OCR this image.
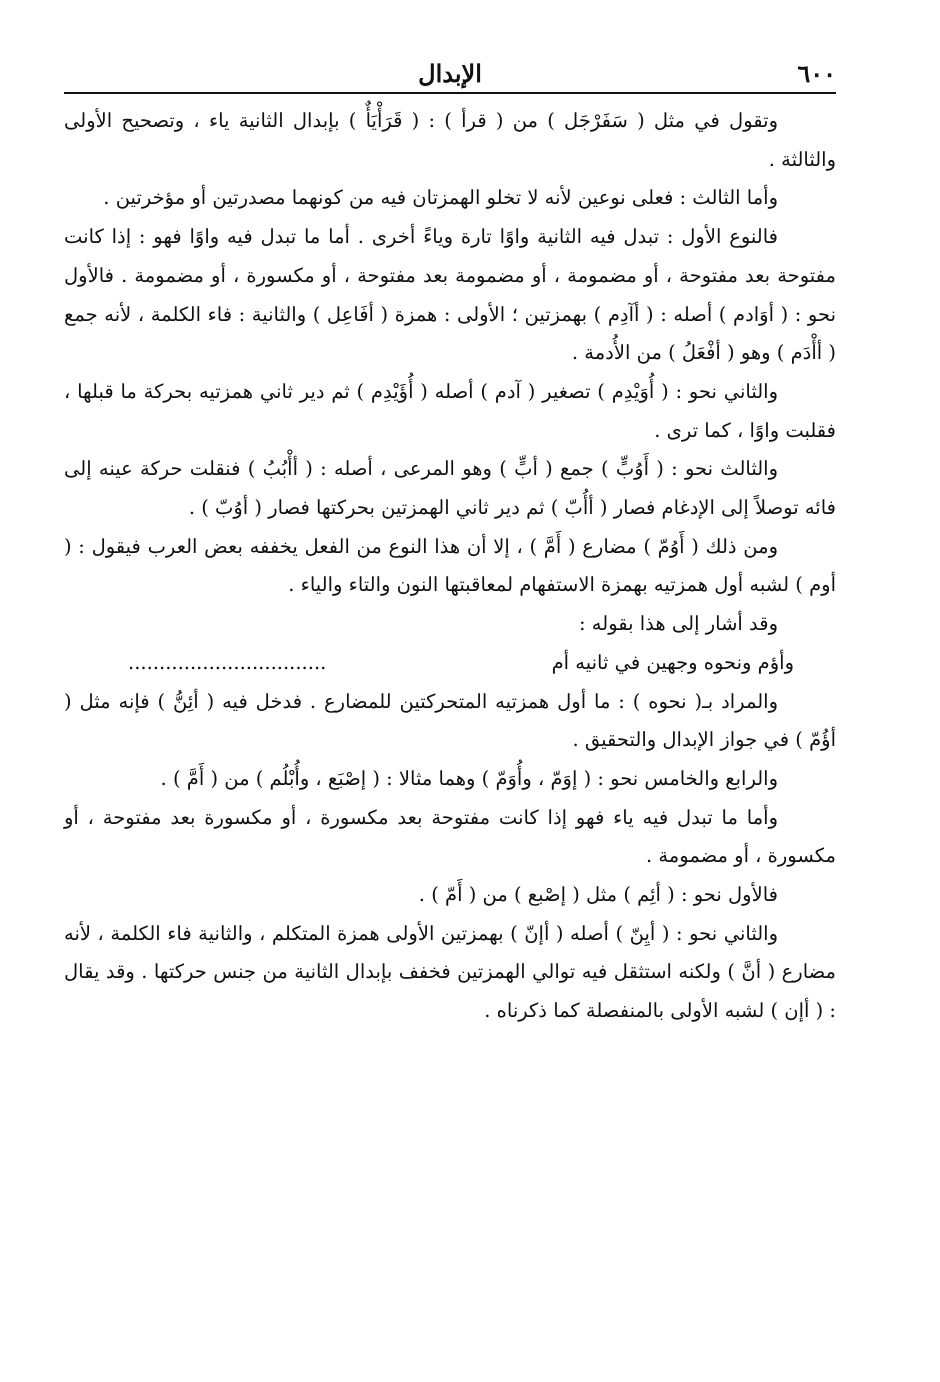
٦٠٠
الإبدال

وتقول في مثل ( سَفَرْجَل ) من ( قرأ ) : ( قَرَأْيَأٌ ) بإبدال الثانية ياء ، وتصحيح الأولى والثالثة .

وأما الثالث : فعلى نوعين لأنه لا تخلو الهمزتان فيه من كونهما مصدرتين أو مؤخرتين .

فالنوع الأول : تبدل فيه الثانية واوًا تارة وياءً أخرى . أما ما تبدل فيه واوًا فهو : إذا كانت مفتوحة بعد مفتوحة ، أو مضمومة ، أو مضمومة بعد مفتوحة ، أو مكسورة ، أو مضمومة . فالأول نحو : ( أوَادم ) أصله : ( أآدِم ) بهمزتين ؛ الأولى : همزة ( أفَاعِل ) والثانية : فاء الكلمة ، لأنه جمع ( أأْدَم ) وهو ( أفْعَلُ ) من الأُدمة .

والثاني نحو : ( أُوَيْدِم ) تصغير ( آدم ) أصله ( أُؤَيْدِم ) ثم دير ثاني همزتيه بحركة ما قبلها ، فقلبت واوًا ، كما ترى .

والثالث نحو : ( أَوُبٍّ ) جمع ( أبٍّ ) وهو المرعى ، أصله : ( أأْبُبُ ) فنقلت حركة عينه إلى فائه توصلاً إلى الإدغام فصار ( أأُبّ ) ثم دير ثاني الهمزتين بحركتها فصار ( أوُبّ ) .

ومن ذلك ( أَوُمّ ) مضارع ( أَمَّ ) ، إلا أن هذا النوع من الفعل يخففه بعض العرب فيقول : ( أوم ) لشبه أول همزتيه بهمزة الاستفهام لمعاقبتها النون والتاء والياء .

وقد أشار إلى هذا بقوله :

وأؤم ونحوه وجهين في ثانيه أم
................................

والمراد بـ( نحوه ) : ما أول همزتيه المتحركتين للمضارع . فدخل فيه ( أئِنُّ ) فإنه مثل ( أؤُمّ ) في جواز الإبدال والتحقيق .

والرابع والخامس نحو : ( إوَمّ ، وأُوَمّ ) وهما مثالا : ( إصْبَع ، وأُبْلُم ) من ( أَمَّ ) .

وأما ما تبدل فيه ياء فهو إذا كانت مفتوحة بعد مكسورة ، أو مكسورة بعد مفتوحة ، أو مكسورة ، أو مضمومة .

فالأول نحو : ( أئِم ) مثل ( إصْبع ) من ( أَمّ ) .

والثاني نحو : ( أيِنّ ) أصله ( أإنّ ) بهمزتين الأولى همزة المتكلم ، والثانية فاء الكلمة ، لأنه مضارع ( أنَّ ) ولكنه استثقل فيه توالي الهمزتين فخفف بإبدال الثانية من جنس حركتها . وقد يقال : ( أإن ) لشبه الأولى بالمنفصلة كما ذكرناه .
